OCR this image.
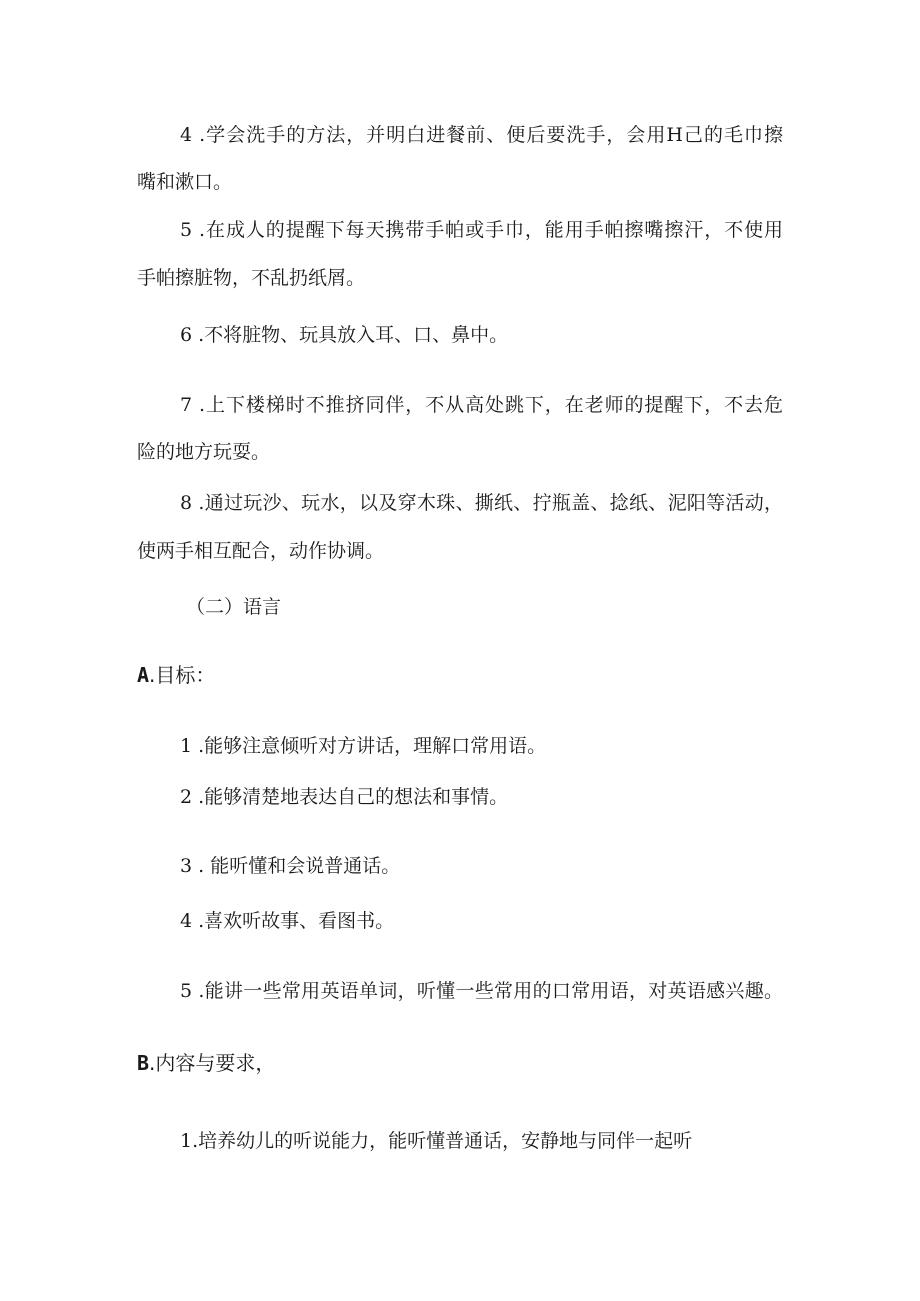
4 .学会洗手的方法，并明白进餐前、便后要洗手，会用H己的毛巾擦
嘴和漱口。
5 .在成人的提醒下每天携带手帕或手巾，能用手帕擦嘴擦汗，不使用
手帕擦脏物，不乱扔纸屑。
6 .不将脏物、玩具放入耳、口、鼻中。
7 .上下楼梯时不推挤同伴，不从高处跳下，在老师的提醒下，不去危
险的地方玩耍。
8 .通过玩沙、玩水，以及穿木珠、撕纸、拧瓶盖、捻纸、泥阳等活动，
使两手相互配合，动作协调。
（二）语言
A.目标：
1 .能够注意倾听对方讲话，理解口常用语。
2 .能够清楚地表达自己的想法和事情。
3 . 能听懂和会说普通话。
4 .喜欢听故事、看图书。
5 .能讲一些常用英语单词，听懂一些常用的口常用语，对英语感兴趣。
B.内容与要求，
1.培养幼儿的听说能力，能听懂普通话，安静地与同伴一起听
